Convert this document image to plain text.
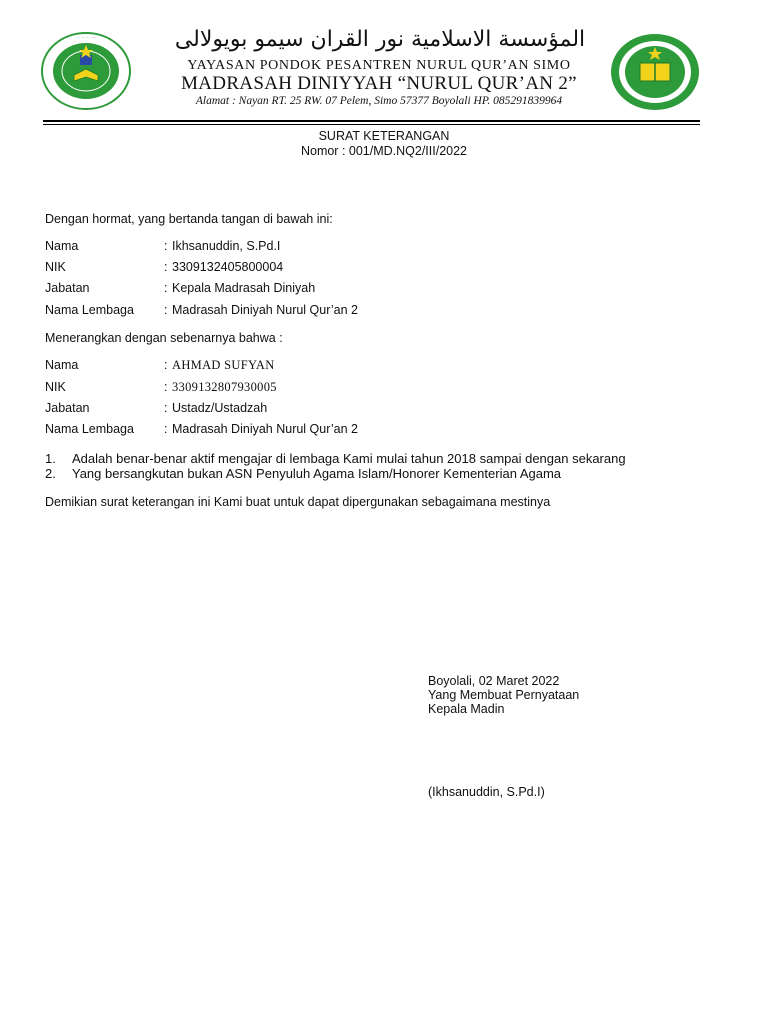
· · · · · · · ·	المؤسسة الاسلامية نور القران سيمو بويولالى
YAYASAN PONDOK PESANTREN NURUL QUR’AN SIMO
MADRASAH DINIYYAH “NURUL QUR’AN 2”
Alamat : Nayan RT. 25 RW. 07 Pelem, Simo 57377 Boyolali HP. 085291839964
SURAT KETERANGAN
Nomor : 001/MD.NQ2/III/2022
Dengan hormat, yang bertanda tangan di bawah ini:
Nama	: Ikhsanuddin, S.Pd.I
NIK	: 3309132405800004
Jabatan	: Kepala Madrasah Diniyah
Nama Lembaga : Madrasah Diniyah Nurul Qur’an 2
Menerangkan dengan sebenarnya bahwa :
Nama	: AHMAD SUFYAN
NIK	: 3309132807930005
Jabatan	: Ustadz/Ustadzah
Nama Lembaga : Madrasah Diniyah Nurul Qur’an 2
1. Adalah benar-benar aktif mengajar di lembaga Kami mulai tahun 2018 sampai dengan sekarang
2. Yang bersangkutan bukan ASN Penyuluh Agama Islam/Honorer Kementerian Agama
Demikian surat keterangan ini Kami buat untuk dapat dipergunakan sebagaimana mestinya
Boyolali, 02 Maret 2022
Yang Membuat Pernyataan
Kepala Madin
(Ikhsanuddin, S.Pd.I)
